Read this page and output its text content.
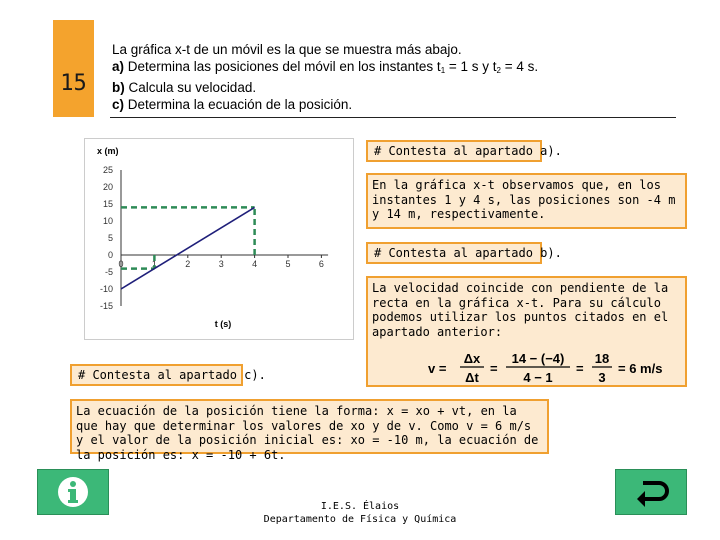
15
La gráfica x-t de un móvil es la que se muestra más abajo.
a) Determina las posiciones del móvil en los instantes $t_1 = 1$ s y $t_2 = 4$ s.
b) Calcula su velocidad.
c) Determina la ecuación de la posición.
x (m)
t (s)
25
20
15
10
5
0
-5
-10
-15
0	1	2	3	4	5	6
# Contesta al apartado a).
En la gráfica x-t observamos que, en los instantes 1 y 4 s, las posiciones son -4 m y 14 m, respectivamente.
# Contesta al apartado b).
La velocidad coincide con pendiente de la recta en la gráfica x-t. Para su cálculo podemos utilizar los puntos citados en el apartado anterior:
v =
Δx
Δt
=
14 − (−4)
4 − 1
=
18
3
= 6 m/s
# Contesta al apartado c).
La ecuación de la posición tiene la forma: x = xo + vt, en la que hay que determinar los valores de xo y de v. Como v = 6 m/s y el valor de la posición inicial es: xo = -10 m, la ecuación de la posición es: x = -10 + 6t.
I.E.S. Élaios
Departamento de Física y Química
